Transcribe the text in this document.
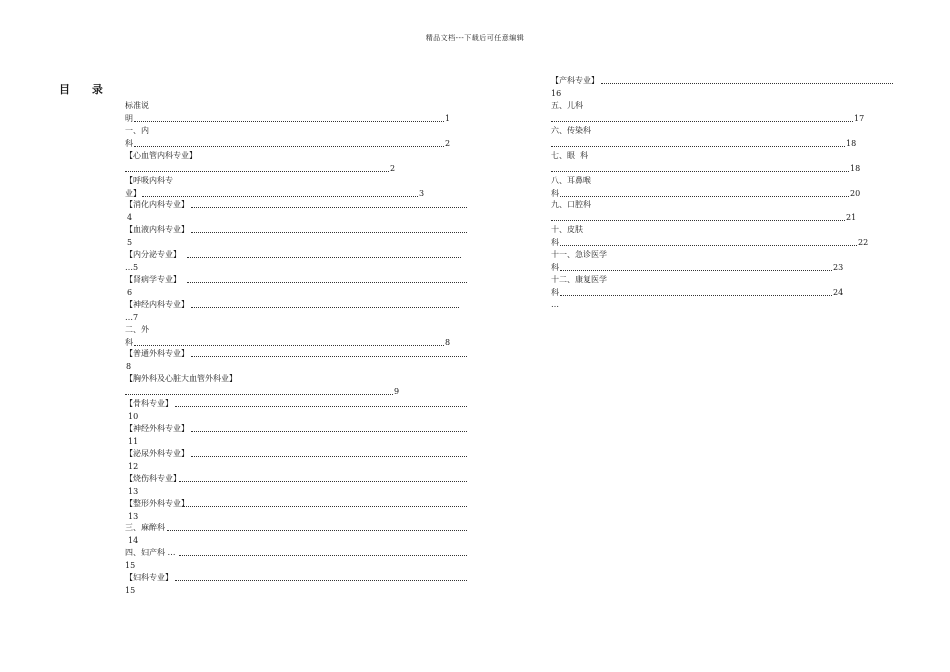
精品文档---下载后可任意编辑
目 录
标准说
明	1
一、内
科	2
【心血管内科专业】
2
【呼吸内科专
业】	3
【消化内科专业】
4
【血液内科专业】
5
【内分泌专业】
…5
【肾病学专业】
6
【神经内科专业】
…7
二、外
科	8
【普通外科专业】
8
【胸外科及心脏大血管外科业】
9
【骨科专业】
10
【神经外科专业】
11
【泌尿外科专业】
12
【烧伤科专业】
13
【整形外科专业】
13
三、麻醉科
14
四、妇产科 …
15
【妇科专业】
15
【产科专业】
16
五、儿科
17
六、传染科
18
七、眼  科
18
八、耳鼻喉
科	20
九、口腔科
21
十、皮肤
科	22
十一、急诊医学
科	23
十二、康复医学
科	24
…
